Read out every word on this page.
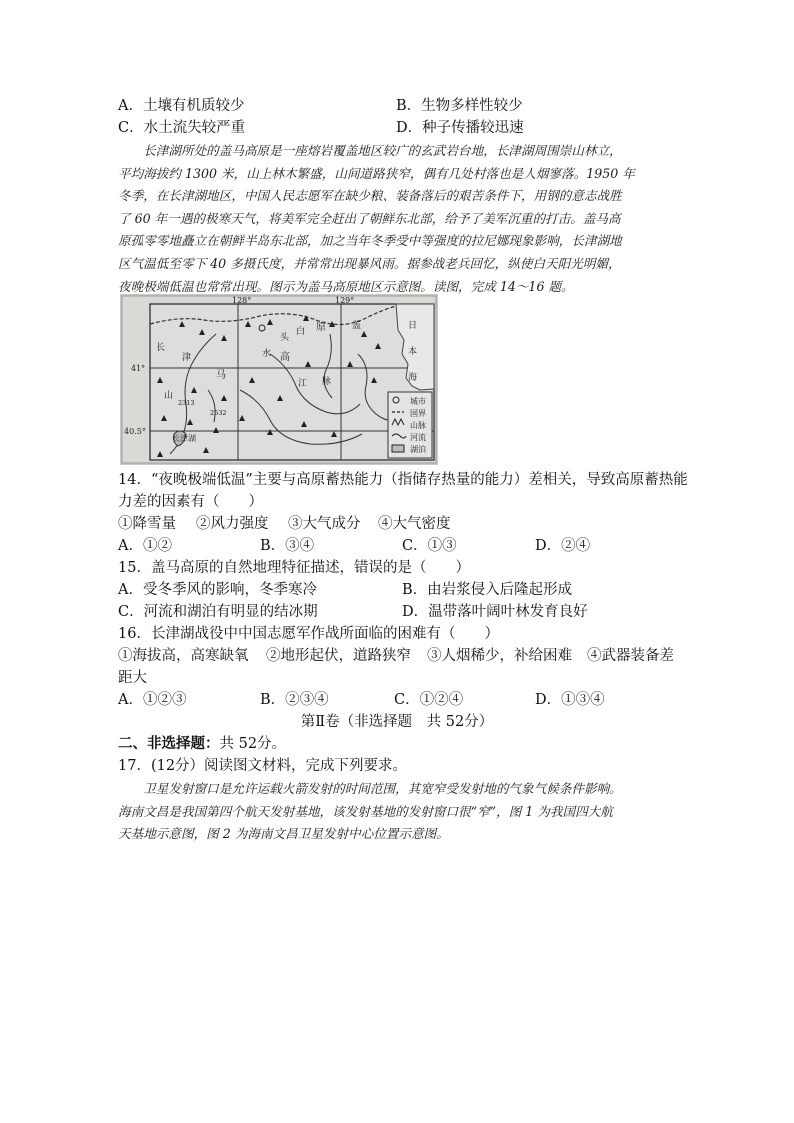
A．土壤有机质较少	B．生物多样性较少
C．水土流失较严重	D．种子传播较迅速

长津湖所处的盖马高原是一座熔岩覆盖地区较广的玄武岩台地，长津湖周围崇山林立，

平均海拔约 1300 米，山上林木繁盛，山间道路狭窄，偶有几处村落也是人烟寥落。1950 年

冬季，在长津湖地区，中国人民志愿军在缺少粮、装备落后的艰苦条件下，用钢的意志战胜

了 60 年一遇的极寒天气，将美军完全赶出了朝鲜东北部，给予了美军沉重的打击。盖马高

原孤零零地矗立在朝鲜半岛东北部，加之当年冬季受中等强度的拉尼娜现象影响，长津湖地

区气温低至零下 40 多摄氏度，并常常出现暴风雨。据参战老兵回忆，纵使白天阳光明媚，

夜晚极端低温也常常出现。图示为盖马高原地区示意图。读图，完成 14～16 题。

128°	129°
41°
40.5°
城市
国界
山脉
河流
湖泊
盖
马
高
原	日
本
海
长
津
江
山
脉
白
头
水
长津湖
2313
2532
14．“夜晚极端低温”主要与高原蓄热能力（指储存热量的能力）差相关，导致高原蓄热能
力差的因素有（　　）
①降雪量 ②风力强度 ③大气成分 ④大气密度
A．①②	B．③④	C．①③	D．②④
15．盖马高原的自然地理特征描述，错误的是（　　）
A．受冬季风的影响，冬季寒冷	B．由岩浆侵入后隆起形成
C．河流和湖泊有明显的结冰期	D．温带落叶阔叶林发育良好
16．长津湖战役中中国志愿军作战所面临的困难有（　　）
①海拔高，高寒缺氧 ②地形起伏，道路狭窄 ③人烟稀少，补给困难 ④武器装备差
距大
A．①②③	B．②③④	C．①②④	D．①③④
第Ⅱ卷（非选择题　共 52分）
二、非选择题：共 52分。
17．(12分）阅读图文材料，完成下列要求。

卫星发射窗口是允许运载火箭发射的时间范围，其宽窄受发射地的气象气候条件影响。

海南文昌是我国第四个航天发射基地，该发射基地的发射窗口很“窄”，图 1 为我国四大航

天基地示意图，图 2 为海南文昌卫星发射中心位置示意图。
